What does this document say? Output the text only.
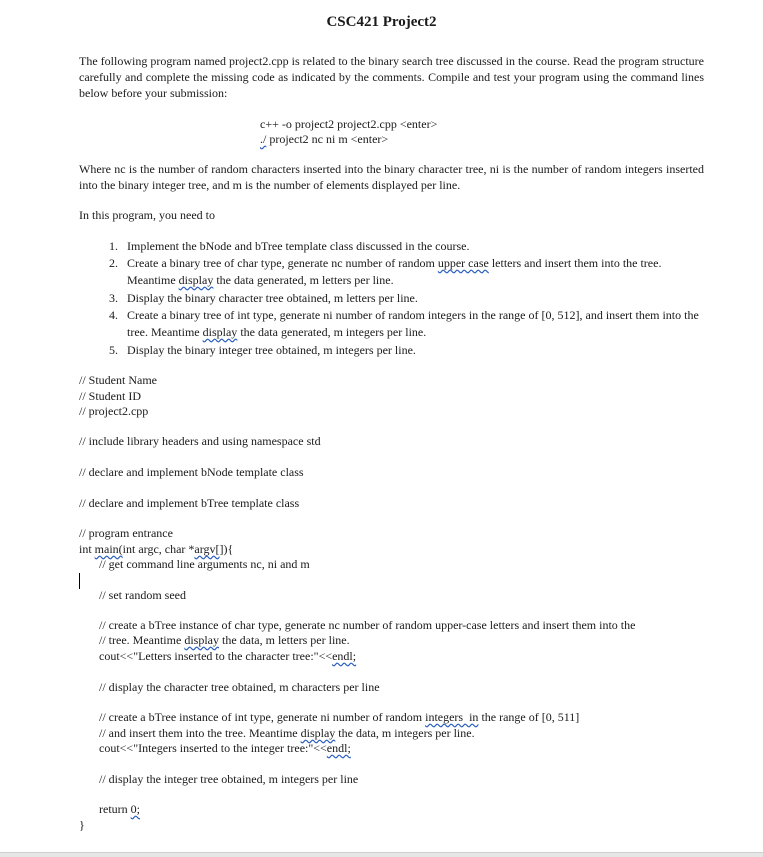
CSC421 Project2
The following program named project2.cpp is related to the binary search tree discussed in the course. Read the program structure carefully and complete the missing code as indicated by the comments. Compile and test your program using the command lines below before your submission:
c++ -o project2 project2.cpp <enter>
./ project2 nc ni m <enter>
Where nc is the number of random characters inserted into the binary character tree, ni is the number of random integers inserted into the binary integer tree, and m is the number of elements displayed per line.
In this program, you need to
1. Implement the bNode and bTree template class discussed in the course.
2. Create a binary tree of char type, generate nc number of random upper case letters and insert them into the tree. Meantime display the data generated, m letters per line.
3. Display the binary character tree obtained, m letters per line.
4. Create a binary tree of int type, generate ni number of random integers in the range of [0, 512], and insert them into the tree. Meantime display the data generated, m integers per line.
5. Display the binary integer tree obtained, m integers per line.
// Student Name
// Student ID
// project2.cpp
// include library headers and using namespace std
// declare and implement bNode template class
// declare and implement bTree template class
// program entrance
int main(int argc, char *argv[]){
// get command line arguments nc, ni and m
// set random seed
// create a bTree instance of char type, generate nc number of random upper-case letters and insert them into the
// tree. Meantime display the data, m letters per line.
cout<<"Letters inserted to the character tree:"<<endl;
// display the character tree obtained, m characters per line
// create a bTree instance of int type, generate ni number of random integers  in the range of [0, 511]
// and insert them into the tree. Meantime display the data, m integers per line.
cout<<"Integers inserted to the integer tree:"<<endl;
// display the integer tree obtained, m integers per line
return 0;
}
